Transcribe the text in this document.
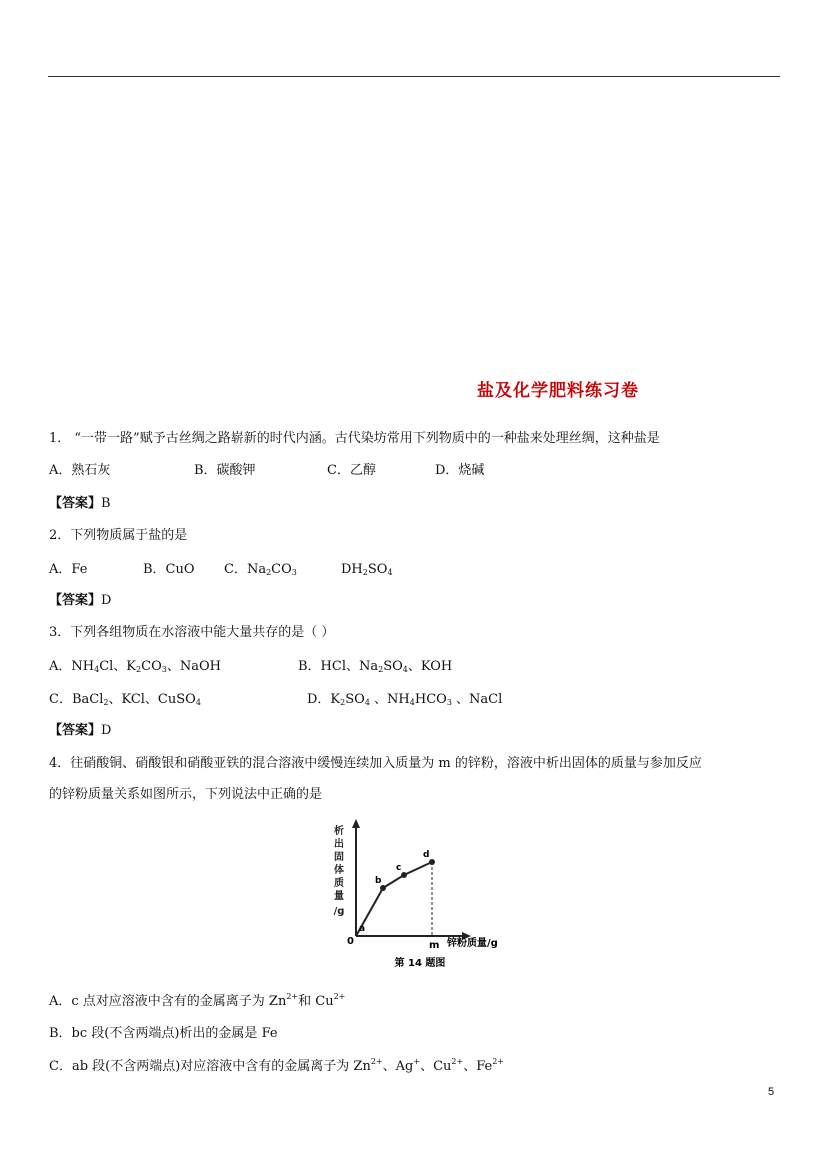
盐及化学肥料练习卷
1． “一带一路”赋予古丝绸之路崭新的时代内涵。古代染坊常用下列物质中的一种盐来处理丝绸，这种盐是
A．熟石灰	B．碳酸钾	C．乙醇	D．烧碱
【答案】B
2．下列物质属于盐的是
A．Fe	B．CuO C．$Na_2CO_3$	$DH_2SO_4$
【答案】D
3．下列各组物质在水溶液中能大量共存的是（ ）
A．$NH_4Cl$、$K_2CO_3$、NaOH	B．HCl、$Na_2SO_4$、KOH
C．BaCl$_2$、KCl、CuSO$_4$	D．$K_2SO_4$ 、$NH_4HCO_3$ 、NaCl
【答案】D
4．往硝酸铜、硝酸银和硝酸亚铁的混合溶液中缓慢连续加入质量为 m 的锌粉，溶液中析出固体的质量与参加反应
的锌粉质量关系如图所示，下列说法中正确的是
析
出
固
体
质
量
/g
0
a
b
c
d
m 锌粉质量/g
第 14 题图
A．c 点对应溶液中含有的金属离子为 $Zn^{2+}$和 $Cu^{2+}$
B．bc 段(不含两端点)析出的金属是 Fe
C．ab 段(不含两端点)对应溶液中含有的金属离子为 $Zn^{2+}$、Ag+、$Cu^{2+}$、$Fe^{2+}$
5
